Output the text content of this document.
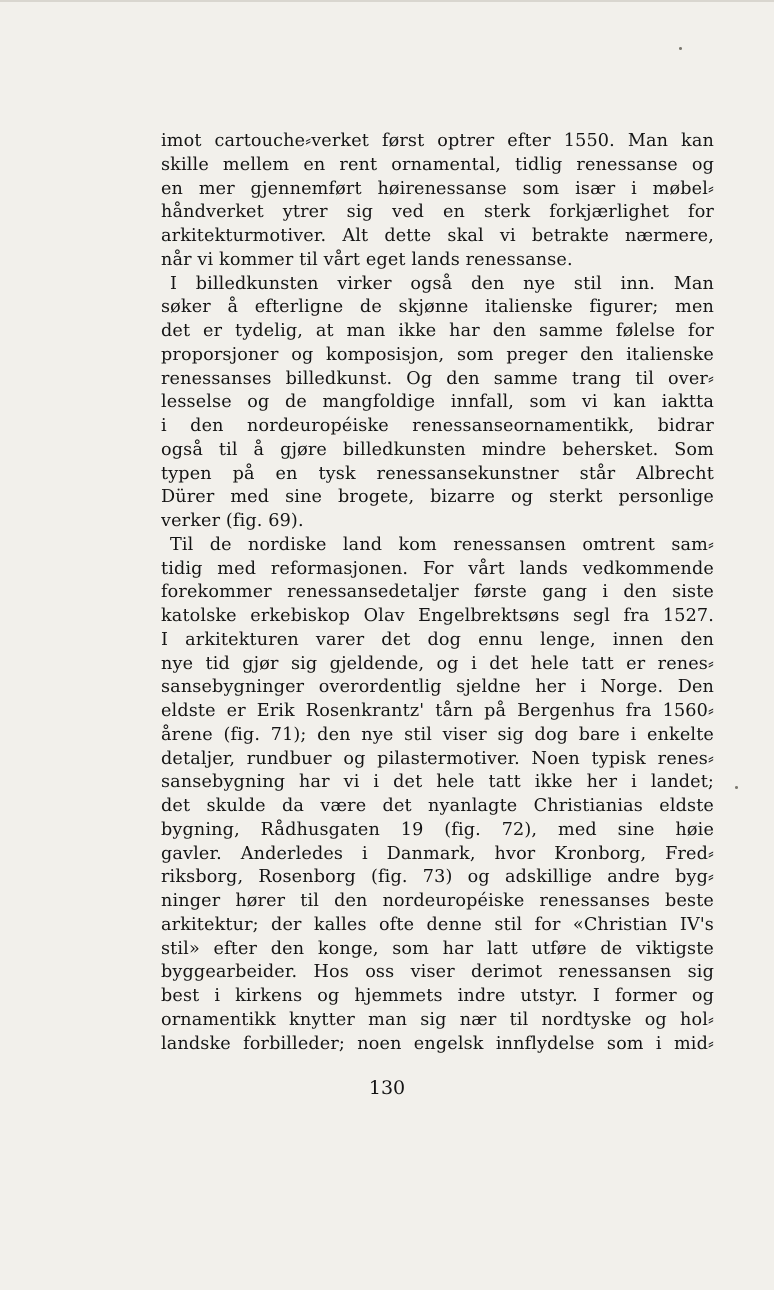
imot cartouche⸗verket først optrer efter 1550. Man kan
skille mellem en rent ornamental, tidlig renessanse og
en mer gjennemført høirenessanse som især i møbel⸗
håndverket ytrer sig ved en sterk forkjærlighet for
arkitekturmotiver. Alt dette skal vi betrakte nærmere,
når vi kommer til vårt eget lands renessanse.
 I billedkunsten virker også den nye stil inn. Man
søker å efterligne de skjønne italienske figurer; men
det er tydelig, at man ikke har den samme følelse for
proporsjoner og komposisjon, som preger den italienske
renessanses billedkunst. Og den samme trang til over⸗
lesselse og de mangfoldige innfall, som vi kan iaktta
i den nordeuropéiske renessanseornamentikk, bidrar
også til å gjøre billedkunsten mindre behersket. Som
typen på en tysk renessansekunstner står Albrecht
Dürer med sine brogete, bizarre og sterkt personlige
verker (fig. 69).
 Til de nordiske land kom renessansen omtrent sam⸗
tidig med reformasjonen. For vårt lands vedkommende
forekommer renessansedetaljer første gang i den siste
katolske erkebiskop Olav Engelbrektsøns segl fra 1527.
I arkitekturen varer det dog ennu lenge, innen den
nye tid gjør sig gjeldende, og i det hele tatt er renes⸗
sansebygninger overordentlig sjeldne her i Norge. Den
eldste er Erik Rosenkrantz' tårn på Bergenhus fra 1560⸗
årene (fig. 71); den nye stil viser sig dog bare i enkelte
detaljer, rundbuer og pilastermotiver. Noen typisk renes⸗
sansebygning har vi i det hele tatt ikke her i landet;
det skulde da være det nyanlagte Christianias eldste
bygning, Rådhusgaten 19 (fig. 72), med sine høie
gavler. Anderledes i Danmark, hvor Kronborg, Fred⸗
riksborg, Rosenborg (fig. 73) og adskillige andre byg⸗
ninger hører til den nordeuropéiske renessanses beste
arkitektur; der kalles ofte denne stil for «Christian IV's
stil» efter den konge, som har latt utføre de viktigste
byggearbeider. Hos oss viser derimot renessansen sig
best i kirkens og hjemmets indre utstyr. I former og
ornamentikk knytter man sig nær til nordtyske og hol⸗
landske forbilleder; noen engelsk innflydelse som i mid⸗
130
